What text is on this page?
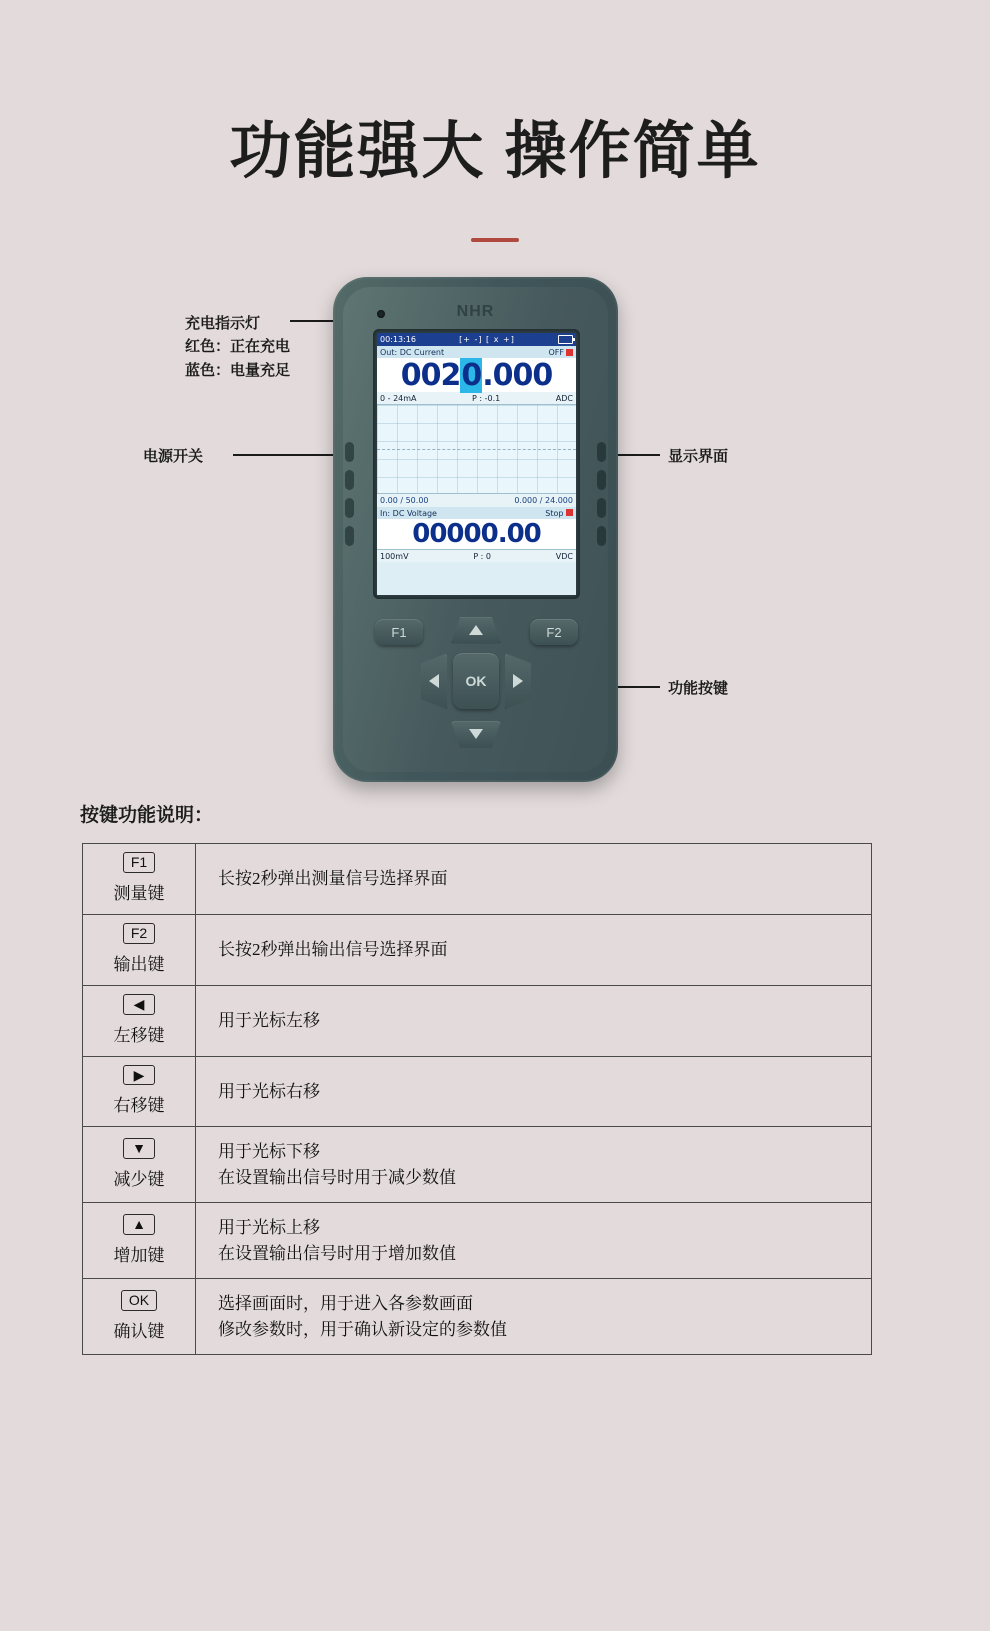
功能强大 操作简单
充电指示灯
红色：正在充电
蓝色：电量充足
电源开关	显示界面
功能按键
NHR
00:13:16	[+ -] [ x +]
Out: DC Current	OFF
002 0 .000
0 - 24mA	P : -0.1	ADC
0.00 / 50.00	0.000 / 24.000
In: DC Voltage	Stop
00000.00
100mV	P : 0	VDC
F1	F2
OK
按键功能说明：
F1
测量键	长按2秒弹出测量信号选择界面

F2
输出键	长按2秒弹出输出信号选择界面

◀
左移键	用于光标左移

▶
右移键	用于光标右移

▼
减少键	用于光标下移
在设置输出信号时用于减少数值

▲
增加键	用于光标上移
在设置输出信号时用于增加数值

OK
确认键	选择画面时，用于进入各参数画面
修改参数时，用于确认新设定的参数值
